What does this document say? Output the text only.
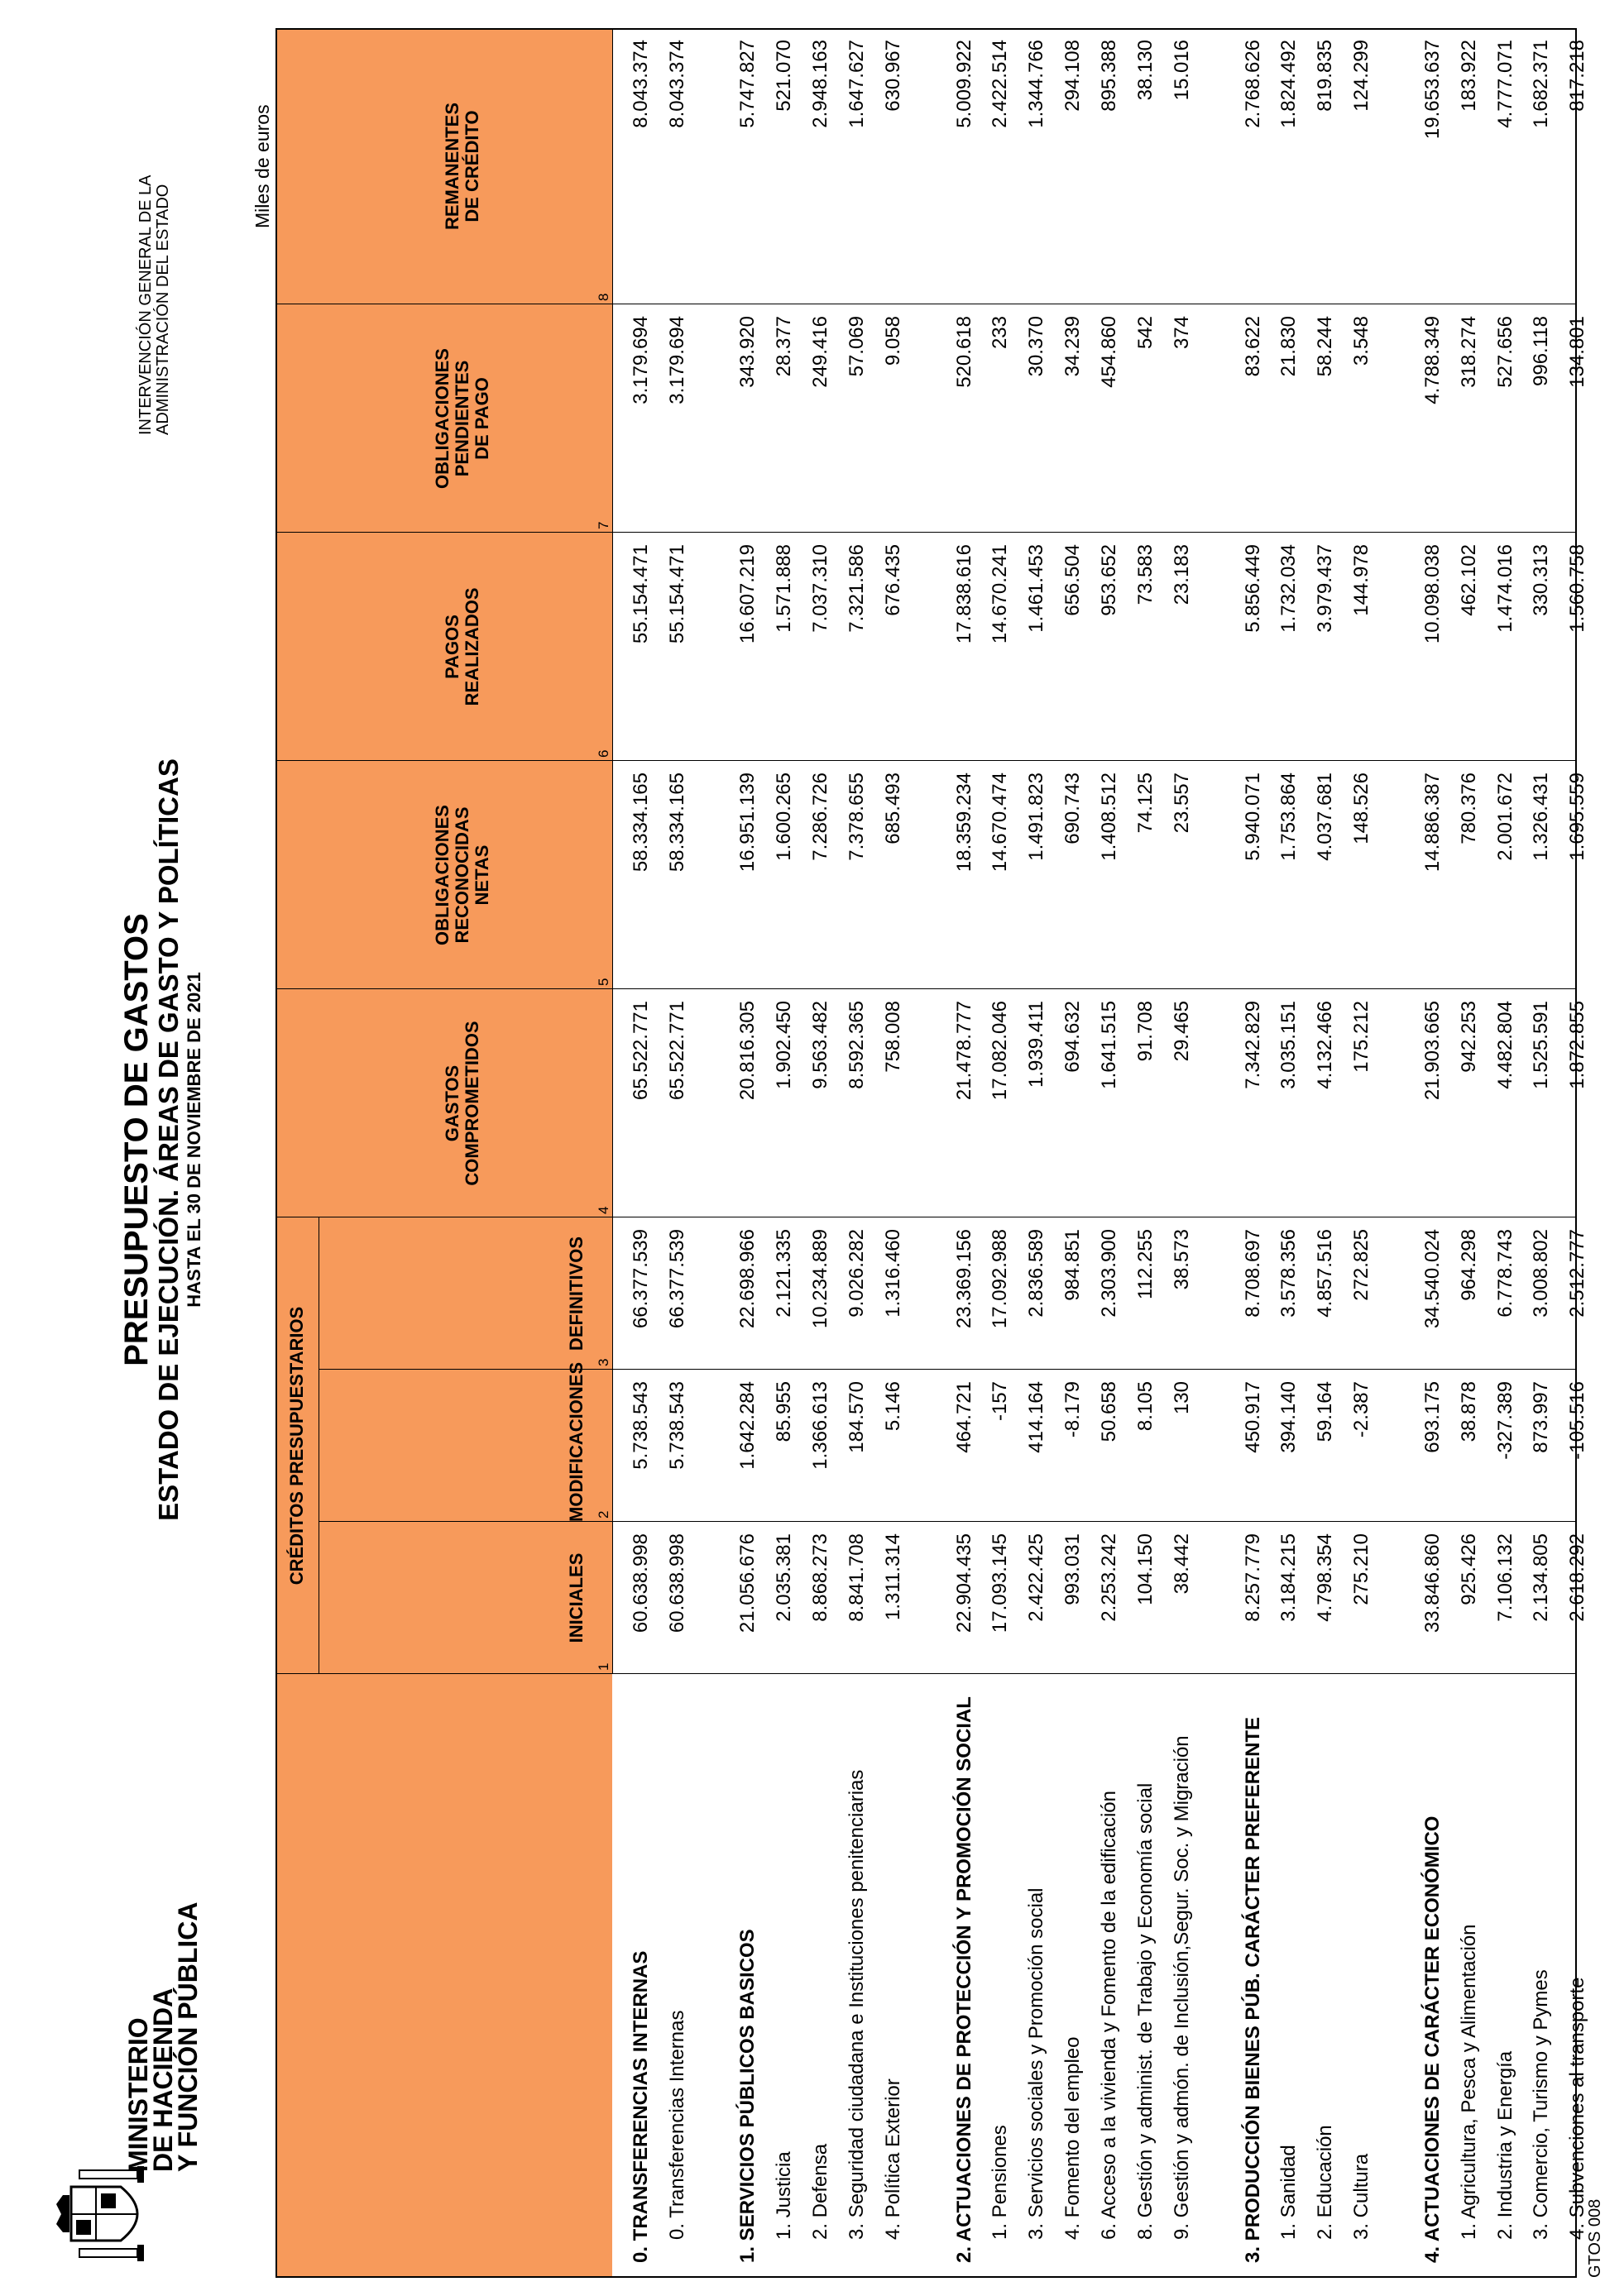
MINISTERIO
DE HACIENDA
Y FUNCIÓN PÚBLICA
PRESUPUESTO DE GASTOS
ESTADO DE EJECUCIÓN. ÁREAS DE GASTO Y POLÍTICAS HASTA EL 30 DE NOVIEMBRE DE 2021
INTERVENCIÓN GENERAL DE LA ADMINISTRACIÓN DEL ESTADO
Miles de euros
CRÉDITOS PRESUPUESTARIOS
INICIALES
MODIFICACIONES
DEFINITIVOS
GASTOS COMPROMETIDOS
OBLIGACIONES RECONOCIDAS NETAS
PAGOS REALIZADOS
OBLIGACIONES PENDIENTES DE PAGO
REMANENTES DE CRÉDITO
1
2
3
4
5
6
7
8
0. TRANSFERENCIAS INTERNAS
60.638.998
5.738.543
66.377.539
65.522.771
58.334.165
55.154.471
3.179.694
8.043.374
0. Transferencias Internas
60.638.998
5.738.543
66.377.539
65.522.771
58.334.165
55.154.471
3.179.694
8.043.374
1. SERVICIOS PÚBLICOS BASICOS
21.056.676
1.642.284
22.698.966
20.816.305
16.951.139
16.607.219
343.920
5.747.827
1. Justicia
2.035.381
85.955
2.121.335
1.902.450
1.600.265
1.571.888
28.377
521.070
2. Defensa
8.868.273
1.366.613
10.234.889
9.563.482
7.286.726
7.037.310
249.416
2.948.163
3. Seguridad ciudadana e Instituciones penitenciarias
8.841.708
184.570
9.026.282
8.592.365
7.378.655
7.321.586
57.069
1.647.627
4. Política Exterior
1.311.314
5.146
1.316.460
758.008
685.493
676.435
9.058
630.967
2. ACTUACIONES DE PROTECCIÓN Y PROMOCIÓN SOCIAL
22.904.435
464.721
23.369.156
21.478.777
18.359.234
17.838.616
520.618
5.009.922
1. Pensiones
17.093.145
-157
17.092.988
17.082.046
14.670.474
14.670.241
233
2.422.514
3. Servicios sociales y Promoción social
2.422.425
414.164
2.836.589
1.939.411
1.491.823
1.461.453
30.370
1.344.766
4. Fomento del empleo
993.031
-8.179
984.851
694.632
690.743
656.504
34.239
294.108
6. Acceso a la vivienda y Fomento de la edificación
2.253.242
50.658
2.303.900
1.641.515
1.408.512
953.652
454.860
895.388
8. Gestión y administ. de Trabajo y Economía social
104.150
8.105
112.255
91.708
74.125
73.583
542
38.130
9. Gestión y admón. de Inclusión,Segur. Soc. y Migración
38.442
130
38.573
29.465
23.557
23.183
374
15.016
3. PRODUCCIÓN BIENES PÚB. CARÁCTER PREFERENTE
8.257.779
450.917
8.708.697
7.342.829
5.940.071
5.856.449
83.622
2.768.626
1. Sanidad
3.184.215
394.140
3.578.356
3.035.151
1.753.864
1.732.034
21.830
1.824.492
2. Educación
4.798.354
59.164
4.857.516
4.132.466
4.037.681
3.979.437
58.244
819.835
3. Cultura
275.210
-2.387
272.825
175.212
148.526
144.978
3.548
124.299
4. ACTUACIONES DE CARÁCTER ECONÓMICO
33.846.860
693.175
34.540.024
21.903.665
14.886.387
10.098.038
4.788.349
19.653.637
1. Agricultura, Pesca y Alimentación
925.426
38.878
964.298
942.253
780.376
462.102
318.274
183.922
2. Industria y Energía
7.106.132
-327.389
6.778.743
4.482.804
2.001.672
1.474.016
527.656
4.777.071
3. Comercio, Turismo y Pymes
2.134.805
873.997
3.008.802
1.525.591
1.326.431
330.313
996.118
1.682.371
4. Subvenciones al transporte
2.618.292
-105.516
2.512.777
1.872.855
1.695.559
1.560.758
134.801
817.218
GTOS 008
